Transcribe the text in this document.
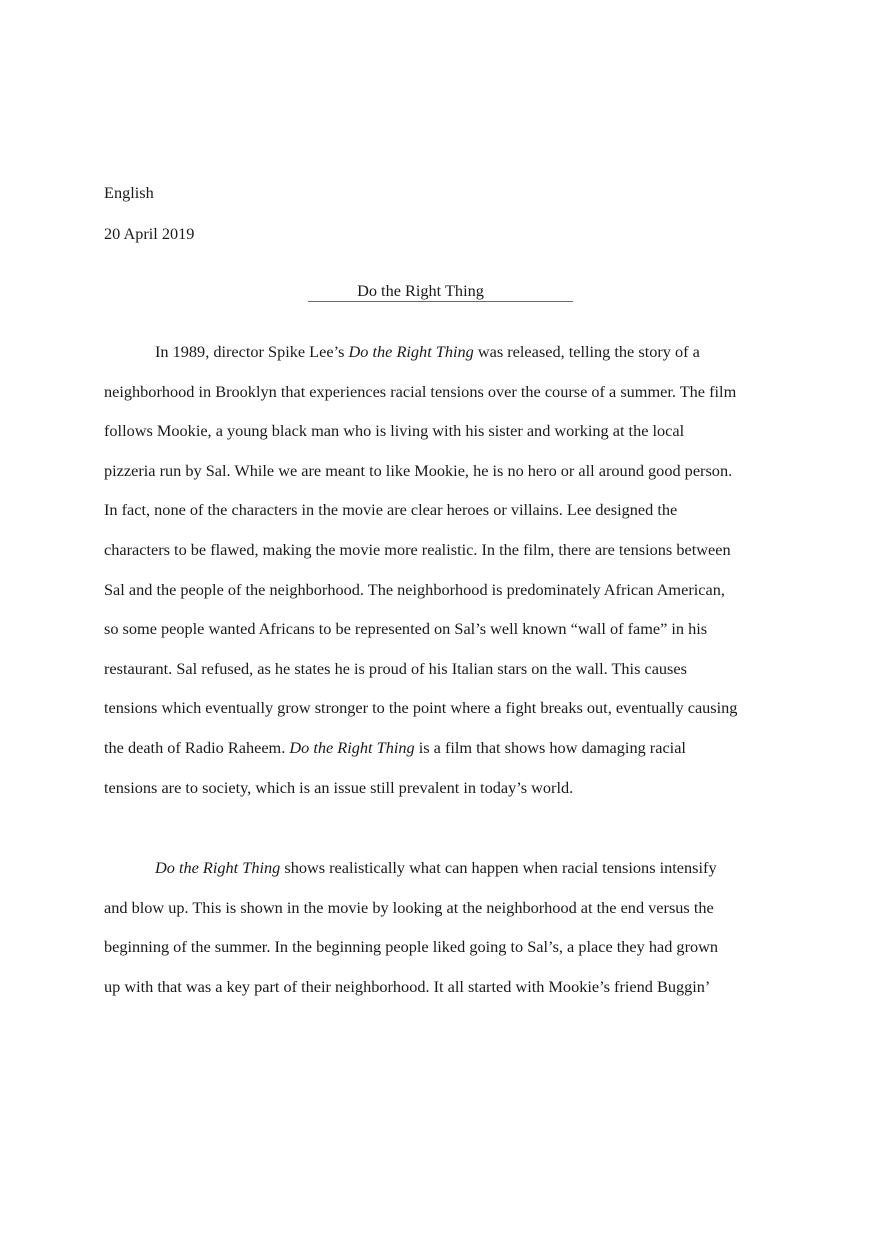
English
20 April 2019
Do the Right Thing
In 1989, director Spike Lee’s Do the Right Thing was released, telling the story of a
neighborhood in Brooklyn that experiences racial tensions over the course of a summer. The film
follows Mookie, a young black man who is living with his sister and working at the local
pizzeria run by Sal. While we are meant to like Mookie, he is no hero or all around good person.
In fact, none of the characters in the movie are clear heroes or villains. Lee designed the
characters to be flawed, making the movie more realistic. In the film, there are tensions between
Sal and the people of the neighborhood. The neighborhood is predominately African American,
so some people wanted Africans to be represented on Sal’s well known “wall of fame” in his
restaurant. Sal refused, as he states he is proud of his Italian stars on the wall. This causes
tensions which eventually grow stronger to the point where a fight breaks out, eventually causing
the death of Radio Raheem. Do the Right Thing is a film that shows how damaging racial
tensions are to society, which is an issue still prevalent in today’s world.
Do the Right Thing shows realistically what can happen when racial tensions intensify
and blow up. This is shown in the movie by looking at the neighborhood at the end versus the
beginning of the summer. In the beginning people liked going to Sal’s, a place they had grown
up with that was a key part of their neighborhood. It all started with Mookie’s friend Buggin’
